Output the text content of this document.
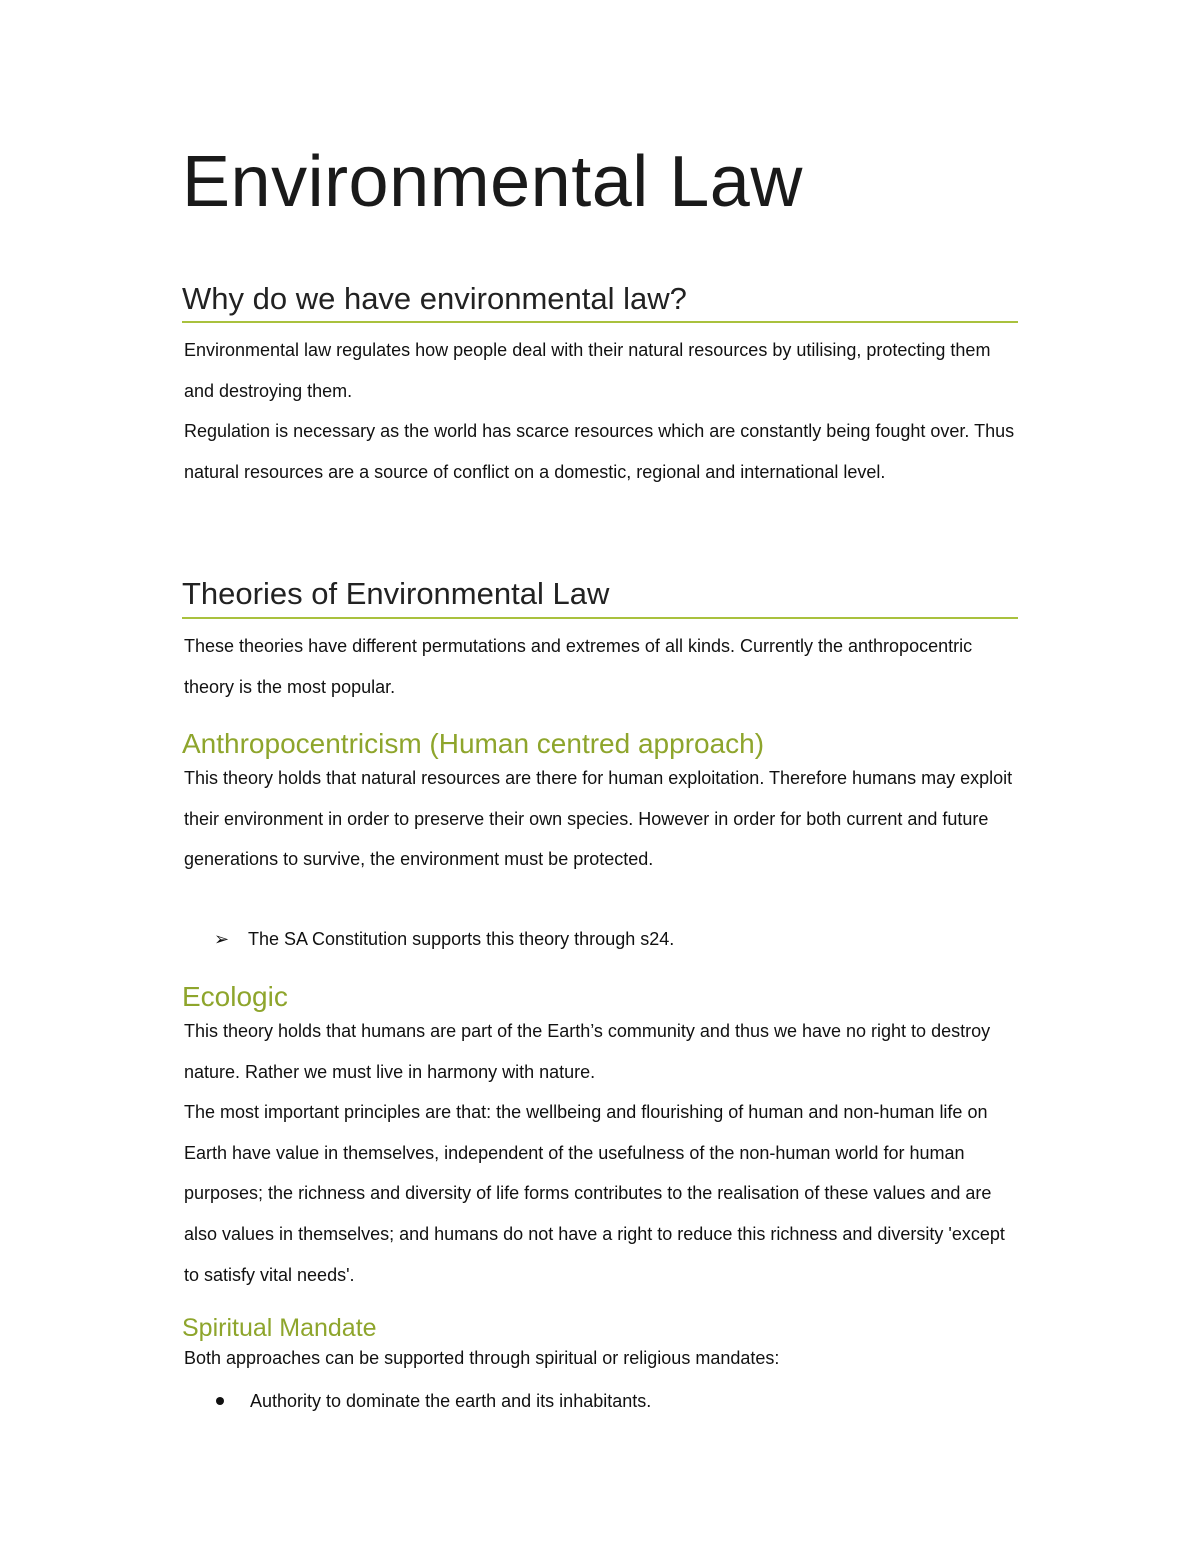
Environmental Law
Why do we have environmental law?

Environmental law regulates how people deal with their natural resources by utilising, protecting them and destroying them.

Regulation is necessary as the world has scarce resources which are constantly being fought over. Thus natural resources are a source of conflict on a domestic, regional and international level.

Theories of Environmental Law

These theories have different permutations and extremes of all kinds. Currently the anthropocentric theory is the most popular.

Anthropocentricism (Human centred approach)

This theory holds that natural resources are there for human exploitation. Therefore humans may exploit their environment in order to preserve their own species. However in order for both current and future generations to survive, the environment must be protected.

➢	The SA Constitution supports this theory through s24.
Ecologic

This theory holds that humans are part of the Earth’s community and thus we have no right to destroy nature. Rather we must live in harmony with nature.

The most important principles are that: the wellbeing and flourishing of human and non-human life on Earth have value in themselves, independent of the usefulness of the non-human world for human purposes; the richness and diversity of life forms contributes to the realisation of these values and are also values in themselves; and humans do not have a right to reduce this richness and diversity 'except to satisfy vital needs'.

Spiritual Mandate

Both approaches can be supported through spiritual or religious mandates:

Authority to dominate the earth and its inhabitants.
